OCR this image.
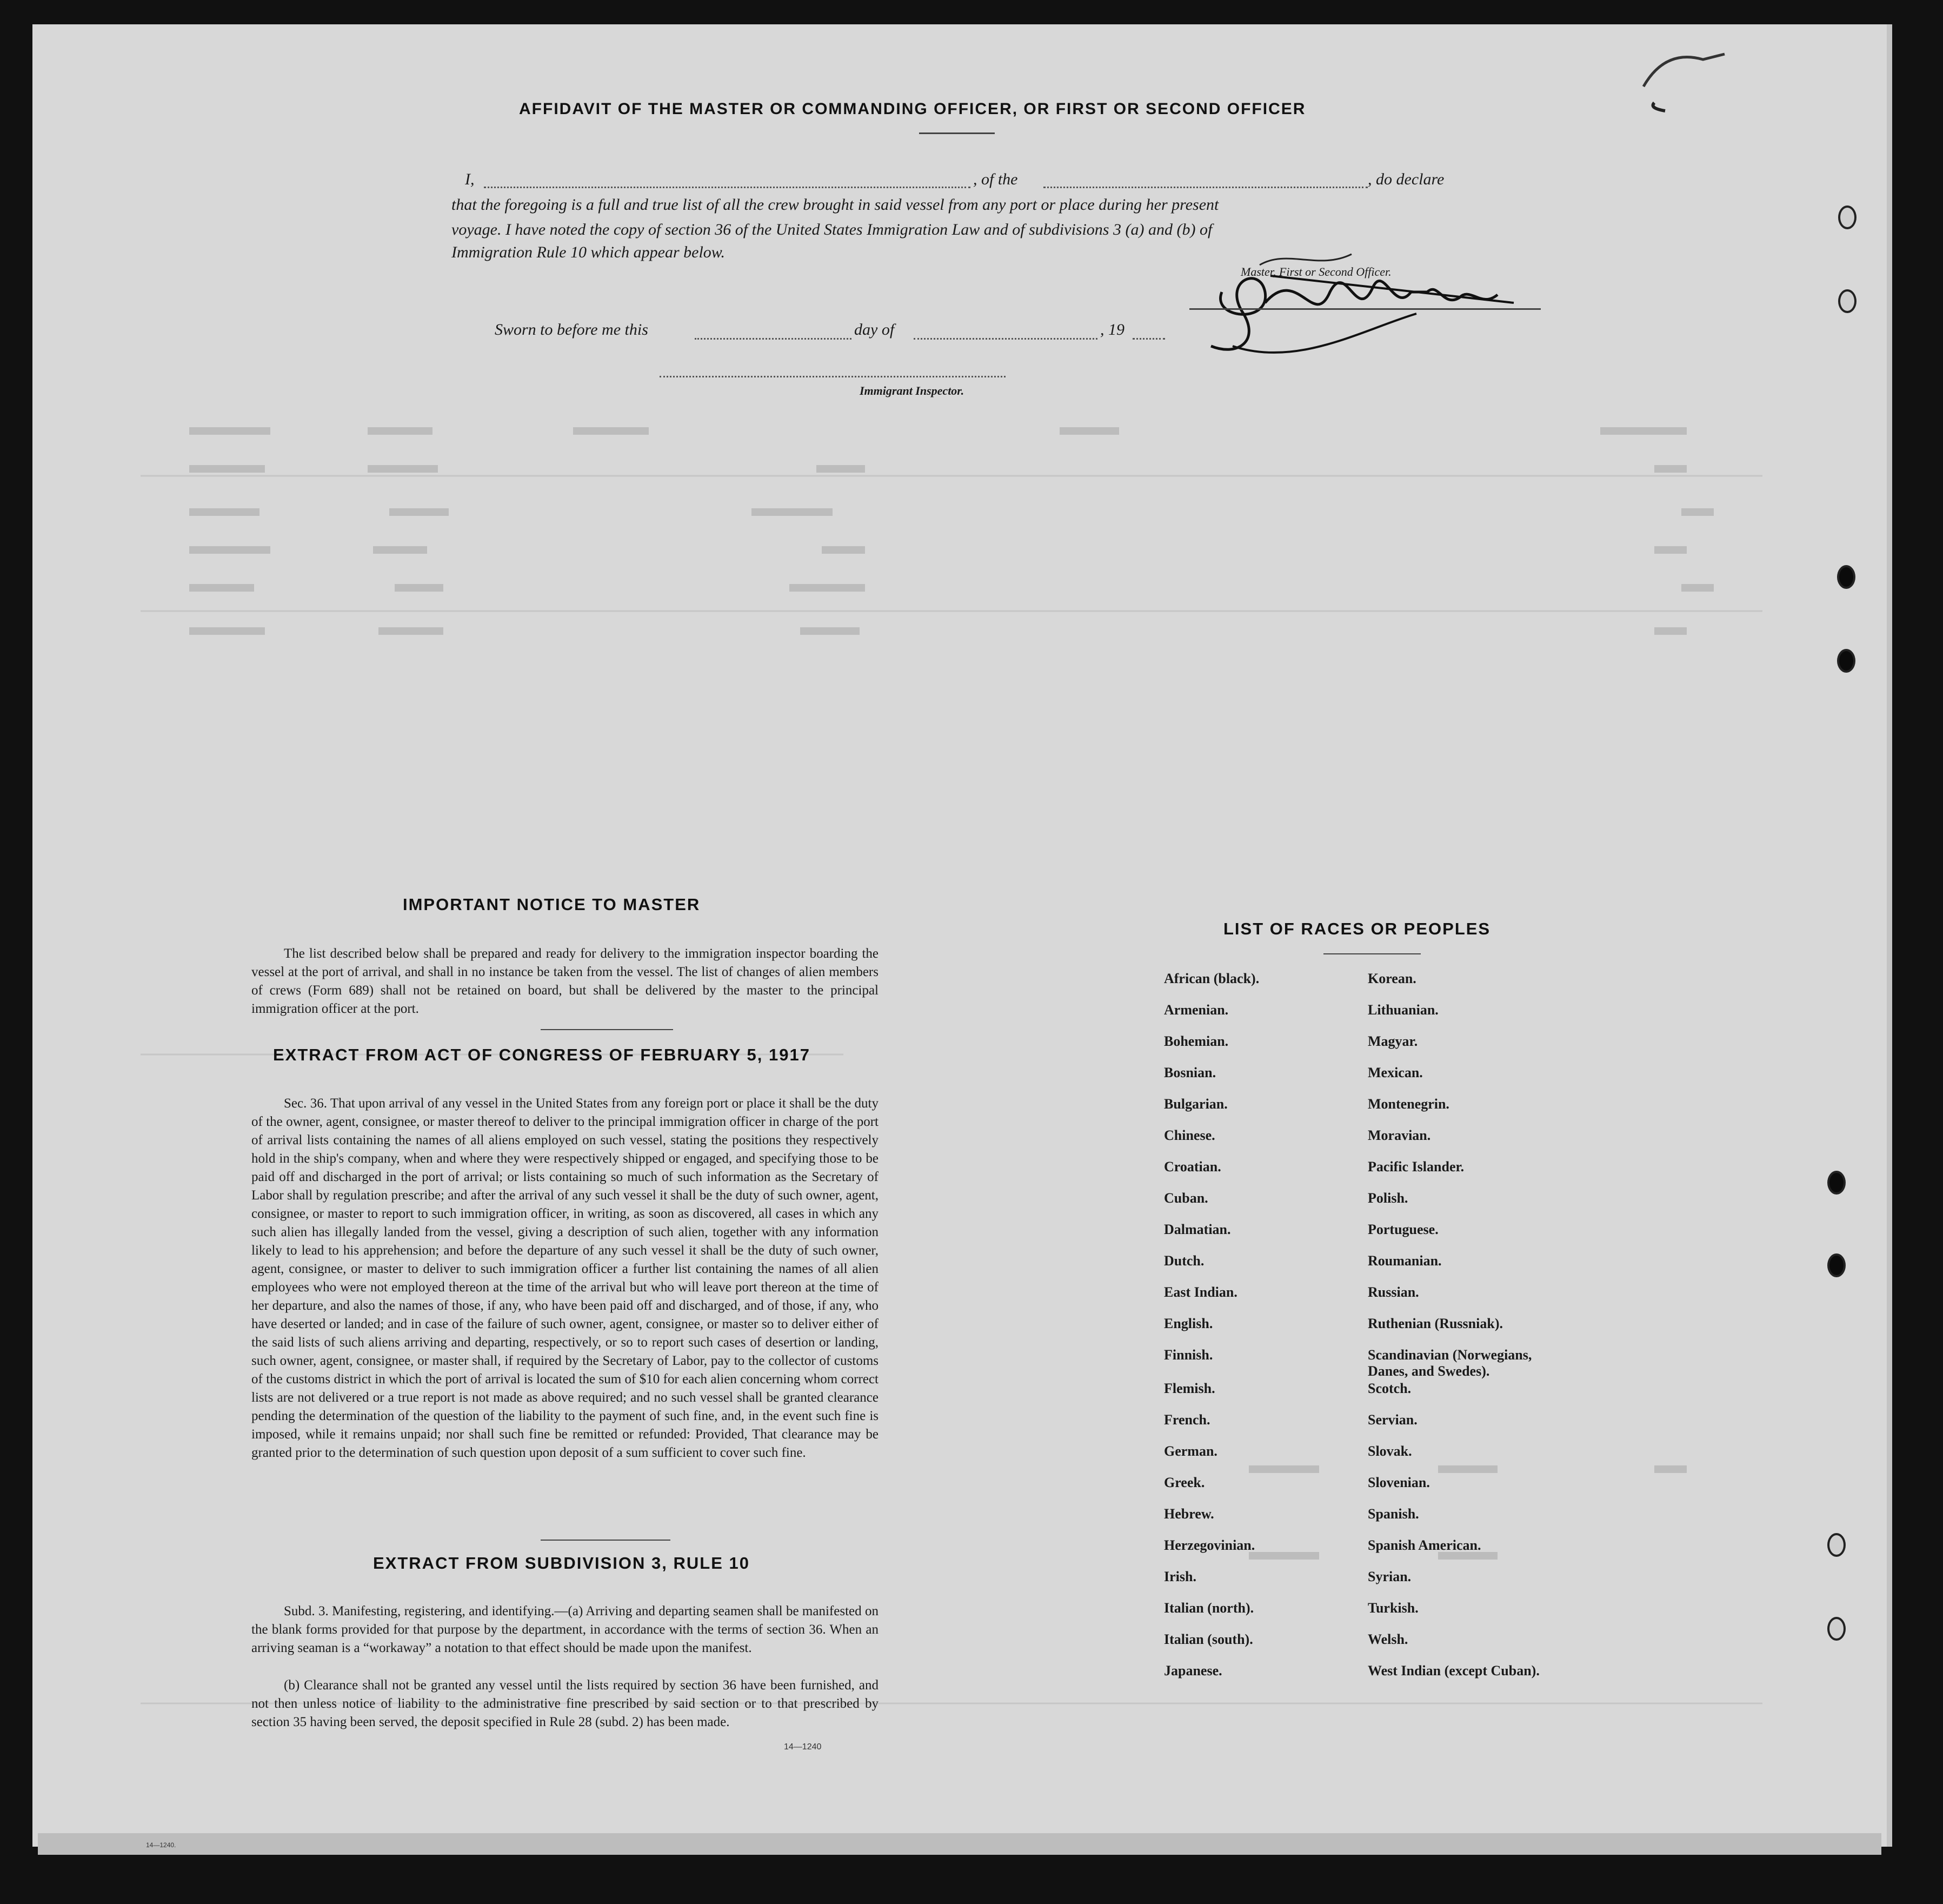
AFFIDAVIT OF THE MASTER OR COMMANDING OFFICER, OR FIRST OR SECOND OFFICER
I,	, of the	, do declare
that the foregoing is a full and true list of all the crew brought in said vessel from any port or place during her present
voyage. I have noted the copy of section 36 of the United States Immigration Law and of subdivisions 3 (a) and (b) of
Immigration Rule 10 which appear below.
Master, First or Second Officer.
Sworn to before me this	day of	, 19
Immigrant Inspector.
IMPORTANT NOTICE TO MASTER
The list described below shall be prepared and ready for delivery to the immigration inspector boarding the vessel at the port of arrival, and shall in no instance be taken from the vessel. The list of changes of alien members of crews (Form 689) shall not be retained on board, but shall be delivered by the master to the principal immigration officer at the port.
EXTRACT FROM ACT OF CONGRESS OF FEBRUARY 5, 1917
Sec. 36. That upon arrival of any vessel in the United States from any foreign port or place it shall be the duty of the owner, agent, consignee, or master thereof to deliver to the principal immigration officer in charge of the port of arrival lists containing the names of all aliens employed on such vessel, stating the positions they respectively hold in the ship's company, when and where they were respectively shipped or engaged, and specifying those to be paid off and discharged in the port of arrival; or lists containing so much of such information as the Secretary of Labor shall by regulation prescribe; and after the arrival of any such vessel it shall be the duty of such owner, agent, consignee, or master to report to such immigration officer, in writing, as soon as discovered, all cases in which any such alien has illegally landed from the vessel, giving a description of such alien, together with any information likely to lead to his apprehension; and before the departure of any such vessel it shall be the duty of such owner, agent, consignee, or master to deliver to such immigration officer a further list containing the names of all alien employees who were not employed thereon at the time of the arrival but who will leave port thereon at the time of her departure, and also the names of those, if any, who have been paid off and discharged, and of those, if any, who have deserted or landed; and in case of the failure of such owner, agent, consignee, or master so to deliver either of the said lists of such aliens arriving and departing, respectively, or so to report such cases of desertion or landing, such owner, agent, consignee, or master shall, if required by the Secretary of Labor, pay to the collector of customs of the customs district in which the port of arrival is located the sum of $10 for each alien concerning whom correct lists are not delivered or a true report is not made as above required; and no such vessel shall be granted clearance pending the determination of the question of the liability to the payment of such fine, and, in the event such fine is imposed, while it remains unpaid; nor shall such fine be remitted or refunded: Provided, That clearance may be granted prior to the determination of such question upon deposit of a sum sufficient to cover such fine.
EXTRACT FROM SUBDIVISION 3, RULE 10
Subd. 3. Manifesting, registering, and identifying.—(a) Arriving and departing seamen shall be manifested on the blank forms provided for that purpose by the department, in accordance with the terms of section 36. When an arriving seaman is a “workaway” a notation to that effect should be made upon the manifest.
(b) Clearance shall not be granted any vessel until the lists required by section 36 have been furnished, and not then unless notice of liability to the administrative fine prescribed by said section or to that prescribed by section 35 having been served, the deposit specified in Rule 28 (subd. 2) has been made.
14—1240
14—1240.
LIST OF RACES OR PEOPLES
African (black).
Armenian.
Bohemian.
Bosnian.
Bulgarian.
Chinese.
Croatian.
Cuban.
Dalmatian.
Dutch.
East Indian.
English.
Finnish.
Flemish.
French.
German.
Greek.
Hebrew.
Herzegovinian.
Irish.
Italian (north).
Italian (south).
Japanese.
Korean.
Lithuanian.
Magyar.
Mexican.
Montenegrin.
Moravian.
Pacific Islander.
Polish.
Portuguese.
Roumanian.
Russian.
Ruthenian (Russniak).
Scandinavian (Norwegians, Danes, and Swedes).
Scotch.
Servian.
Slovak.
Slovenian.
Spanish.
Spanish American.
Syrian.
Turkish.
Welsh.
West Indian (except Cuban).
